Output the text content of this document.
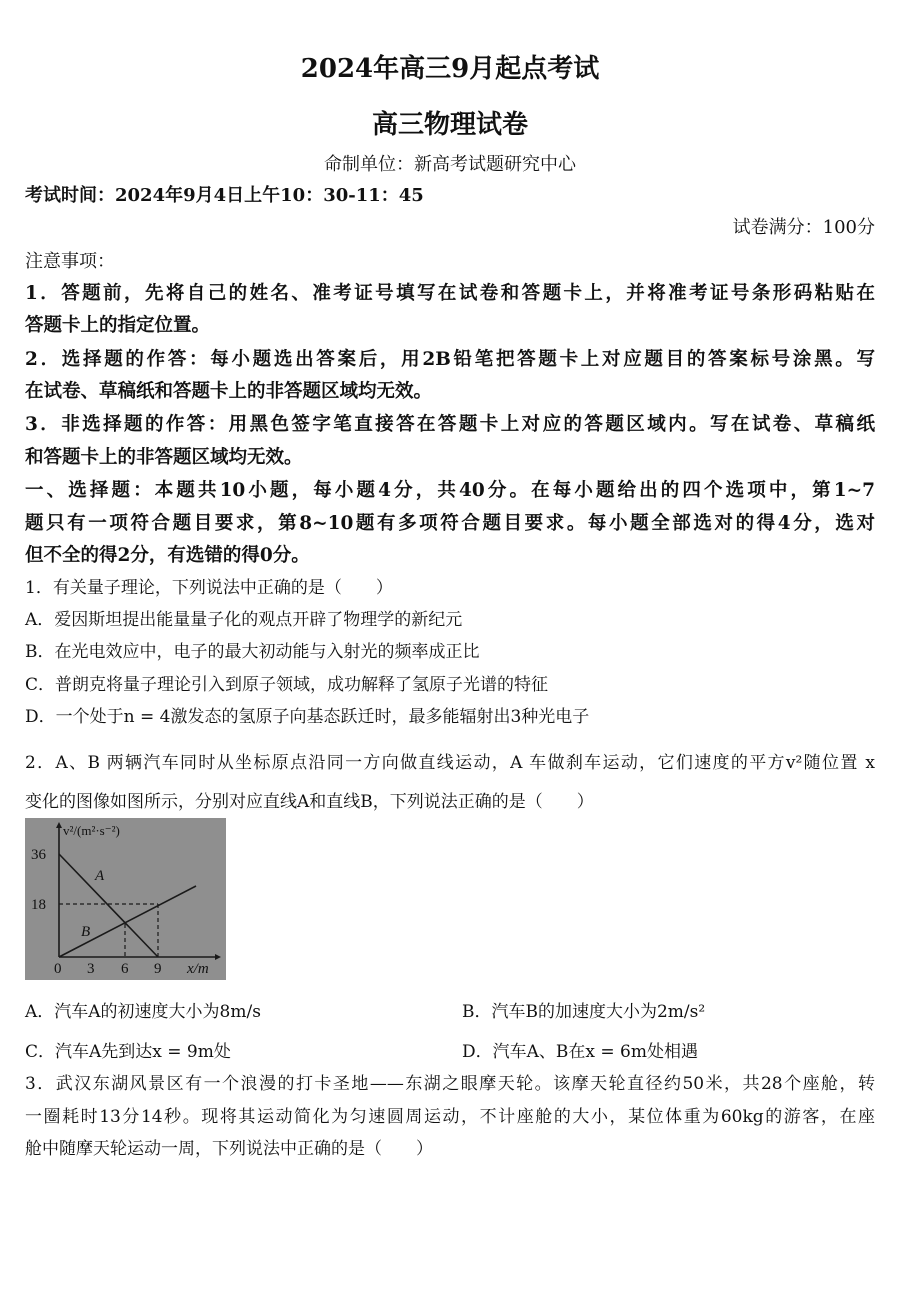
2024年高三9月起点考试
高三物理试卷
命制单位：新高考试题研究中心
考试时间：2024年9月4日上午10：30-11：45
试卷满分：100分
注意事项：
1．答题前，先将自己的姓名、准考证号填写在试卷和答题卡上，并将准考证号条形码粘贴在
答题卡上的指定位置。
2．选择题的作答：每小题选出答案后，用2B铅笔把答题卡上对应题目的答案标号涂黑。写
在试卷、草稿纸和答题卡上的非答题区域均无效。
3．非选择题的作答：用黑色签字笔直接答在答题卡上对应的答题区域内。写在试卷、草稿纸
和答题卡上的非答题区域均无效。
一、选择题：本题共10小题，每小题4分，共40分。在每小题给出的四个选项中，第1~7
题只有一项符合题目要求，第8~10题有多项符合题目要求。每小题全部选对的得4分，选对
但不全的得2分，有选错的得0分。
1．有关量子理论，下列说法中正确的是（　　）
A．爱因斯坦提出能量量子化的观点开辟了物理学的新纪元
B．在光电效应中，电子的最大初动能与入射光的频率成正比
C．普朗克将量子理论引入到原子领域，成功解释了氢原子光谱的特征
D．一个处于n = 4激发态的氢原子向基态跃迁时，最多能辐射出3种光电子
2．A、B 两辆汽车同时从坐标原点沿同一方向做直线运动，A 车做刹车运动，它们速度的平方v²随位置 x
变化的图像如图所示，分别对应直线A和直线B，下列说法正确的是（　　）
v²/(m²·s⁻²)
36
18
0 3 6 9 x/m
A
B
A．汽车A的初速度大小为8m/s	B．汽车B的加速度大小为2m/s²
C．汽车A先到达x = 9m处	D．汽车A、B在x = 6m处相遇
3．武汉东湖风景区有一个浪漫的打卡圣地——东湖之眼摩天轮。该摩天轮直径约50米，共28个座舱，转
一圈耗时13分14秒。现将其运动简化为匀速圆周运动，不计座舱的大小，某位体重为60kg的游客，在座
舱中随摩天轮运动一周，下列说法中正确的是（　　）
